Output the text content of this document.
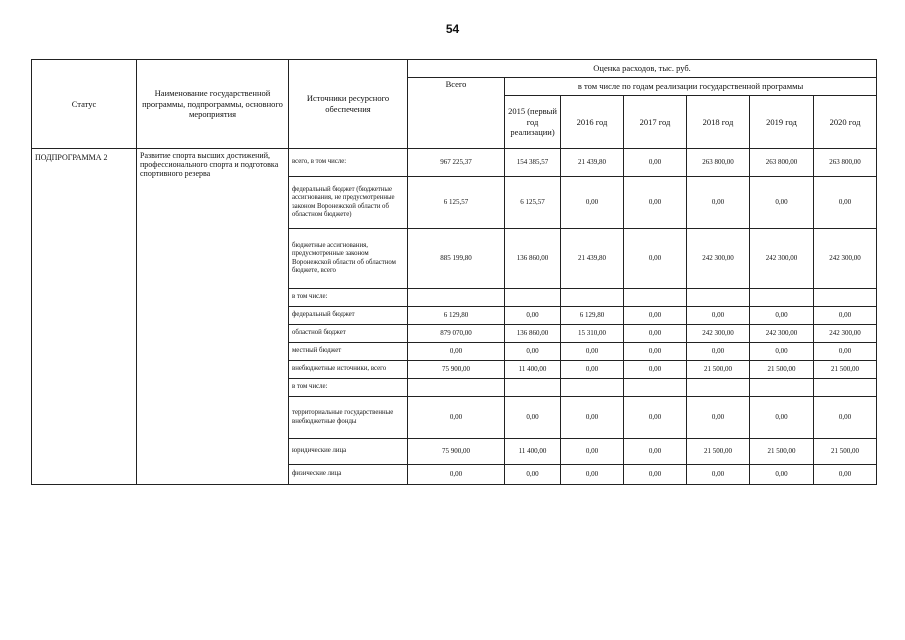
54
Статус	Наименование государственной программы, подпрограммы, основного мероприятия	Источники ресурсного обеспечения	Оценка расходов, тыс. руб.						
			Всего	в том числе по годам реализации государственной программы					
				2015 (первый год реализации)	2016 год	2017 год	2018 год	2019 год	2020 год
ПОДПРОГРАММА 2	Развитие спорта высших достижений, профессионального спорта и подготовка спортивного резерва	всего, в том числе:	967 225,37	154 385,57	21 439,80	0,00	263 800,00	263 800,00	263 800,00
		федеральный бюджет (бюджетные ассигнования, не предусмотренные законом Воронежской области об областном бюджете)	6 125,57	6 125,57	0,00	0,00	0,00	0,00	0,00
		бюджетные ассигнования, предусмотренные законом Воронежской области об областном бюджете, всего	885 199,80	136 860,00	21 439,80	0,00	242 300,00	242 300,00	242 300,00
		в том числе:							
		федеральный бюджет	6 129,80	0,00	6 129,80	0,00	0,00	0,00	0,00
		областной бюджет	879 070,00	136 860,00	15 310,00	0,00	242 300,00	242 300,00	242 300,00
		местный бюджет	0,00	0,00	0,00	0,00	0,00	0,00	0,00
		внебюджетные источники, всего	75 900,00	11 400,00	0,00	0,00	21 500,00	21 500,00	21 500,00
		в том числе:							
		территориальные государственные внебюджетные фонды	0,00	0,00	0,00	0,00	0,00	0,00	0,00
		юридические лица	75 900,00	11 400,00	0,00	0,00	21 500,00	21 500,00	21 500,00
		физические лица	0,00	0,00	0,00	0,00	0,00	0,00	0,00
